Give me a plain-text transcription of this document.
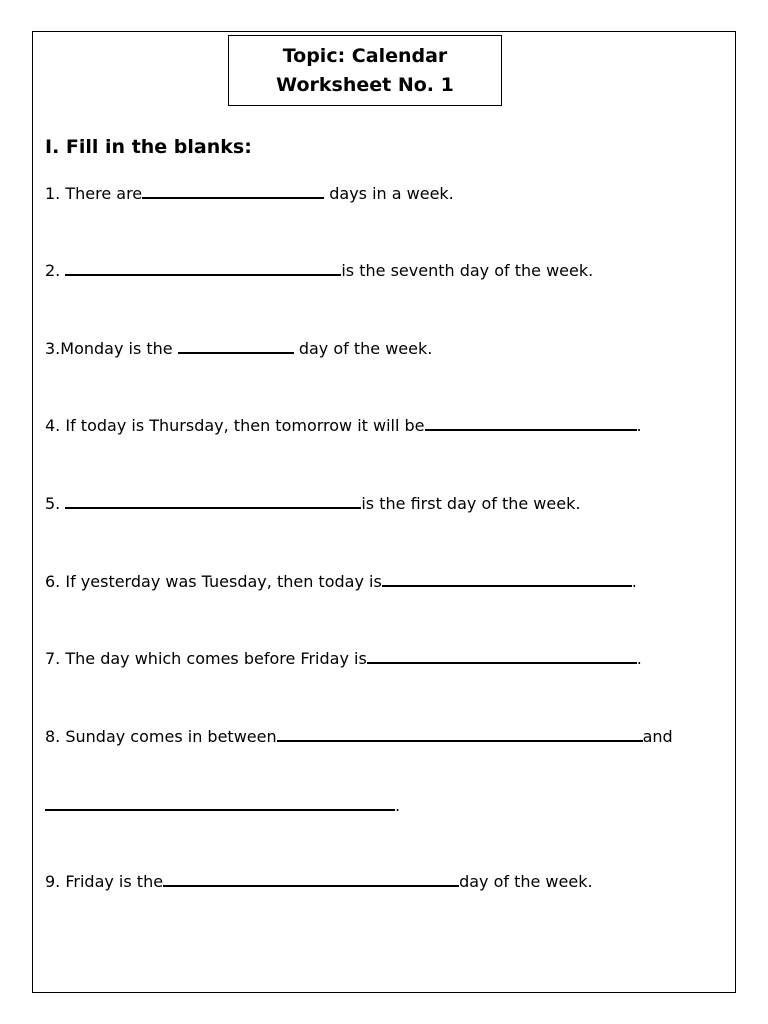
Topic: Calendar
Worksheet No. 1
I. Fill in the blanks:
1. There are	days in a week.
2.	is the seventh day of the week.
3.Monday is the	day of the week.
4. If today is Thursday, then tomorrow it will be	.
5.	is the first day of the week.
6. If yesterday was Tuesday, then today is	.
7. The day which comes before Friday is	.
8. Sunday comes in between	and
.
9. Friday is the	day of the week.
